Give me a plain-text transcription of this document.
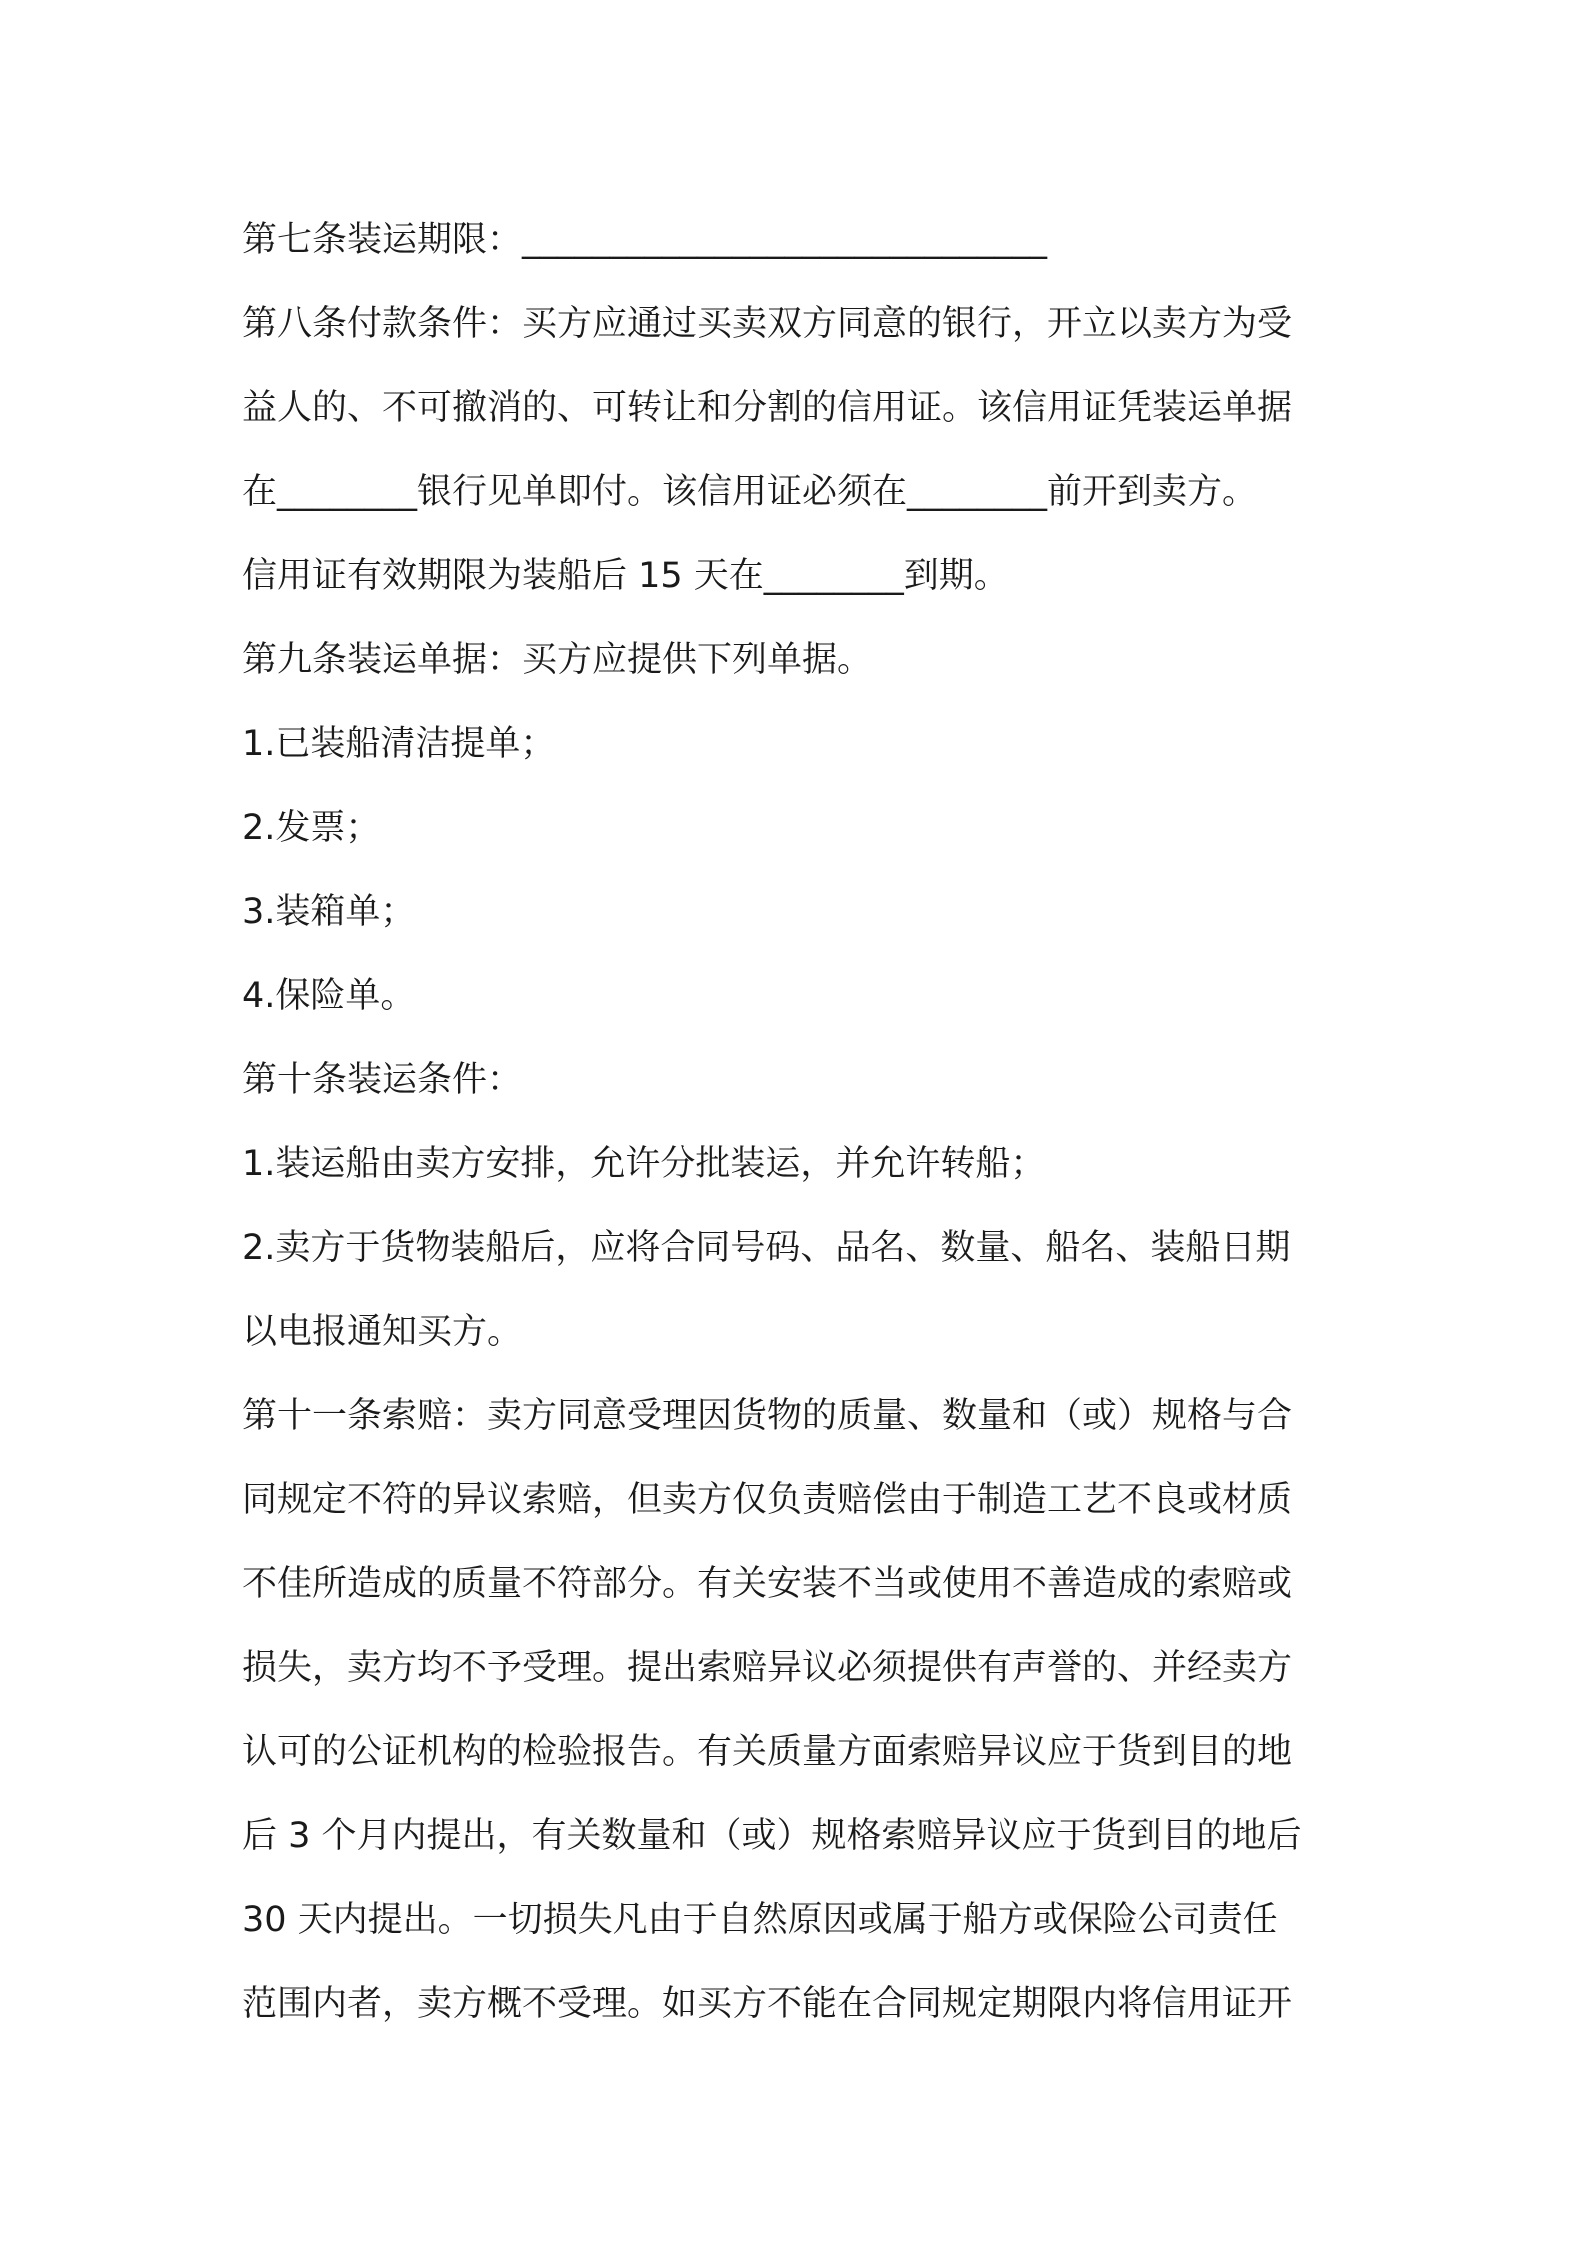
第七条装运期限：______________________________
第八条付款条件：买方应通过买卖双方同意的银行，开立以卖方为受
益人的、不可撤消的、可转让和分割的信用证。该信用证凭装运单据
在________银行见单即付。该信用证必须在________前开到卖方。
信用证有效期限为装船后 15 天在________到期。
第九条装运单据：买方应提供下列单据。
1.已装船清洁提单；
2.发票；
3.装箱单；
4.保险单。
第十条装运条件：
1.装运船由卖方安排，允许分批装运，并允许转船；
2.卖方于货物装船后，应将合同号码、品名、数量、船名、装船日期
以电报通知买方。
第十一条索赔：卖方同意受理因货物的质量、数量和（或）规格与合
同规定不符的异议索赔，但卖方仅负责赔偿由于制造工艺不良或材质
不佳所造成的质量不符部分。有关安装不当或使用不善造成的索赔或
损失，卖方均不予受理。提出索赔异议必须提供有声誉的、并经卖方
认可的公证机构的检验报告。有关质量方面索赔异议应于货到目的地
后 3 个月内提出，有关数量和（或）规格索赔异议应于货到目的地后
30 天内提出。一切损失凡由于自然原因或属于船方或保险公司责任
范围内者，卖方概不受理。如买方不能在合同规定期限内将信用证开
